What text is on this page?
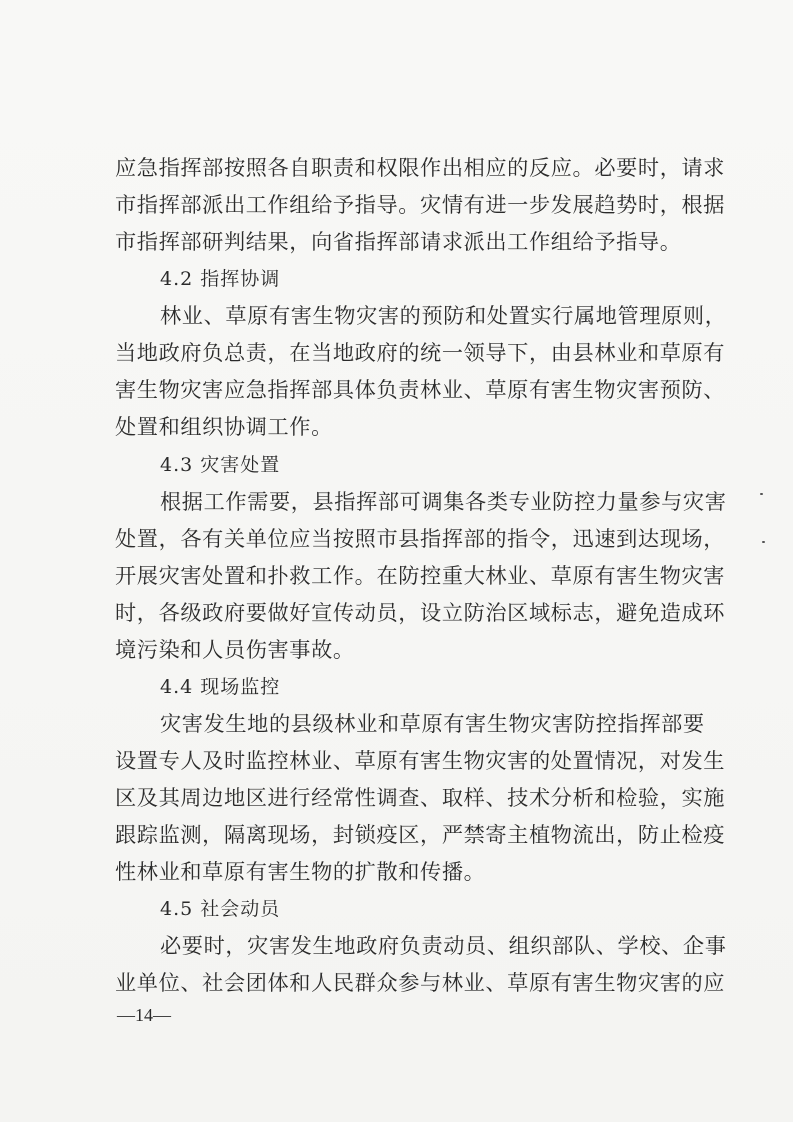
应急指挥部按照各自职责和权限作出相应的反应。必要时，请求
市指挥部派出工作组给予指导。灾情有进一步发展趋势时，根据
市指挥部研判结果，向省指挥部请求派出工作组给予指导。
4.2 指挥协调
林业、草原有害生物灾害的预防和处置实行属地管理原则，
当地政府负总责，在当地政府的统一领导下，由县林业和草原有
害生物灾害应急指挥部具体负责林业、草原有害生物灾害预防、
处置和组织协调工作。
4.3 灾害处置
根据工作需要，县指挥部可调集各类专业防控力量参与灾害
处置，各有关单位应当按照市县指挥部的指令，迅速到达现场，
开展灾害处置和扑救工作。在防控重大林业、草原有害生物灾害
时，各级政府要做好宣传动员，设立防治区域标志，避免造成环
境污染和人员伤害事故。
4.4 现场监控
灾害发生地的县级林业和草原有害生物灾害防控指挥部要
设置专人及时监控林业、草原有害生物灾害的处置情况，对发生
区及其周边地区进行经常性调查、取样、技术分析和检验，实施
跟踪监测，隔离现场，封锁疫区，严禁寄主植物流出，防止检疫
性林业和草原有害生物的扩散和传播。
4.5 社会动员
必要时，灾害发生地政府负责动员、组织部队、学校、企事
业单位、社会团体和人民群众参与林业、草原有害生物灾害的应
—14—
